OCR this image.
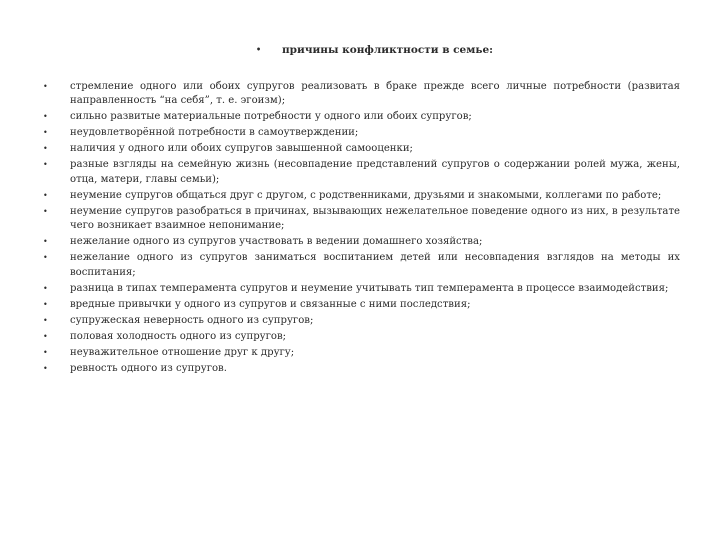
• причины конфликтности в семье:
• стремление одного или обоих супругов реализовать в браке прежде всего личные потребности (развитая направленность “на себя”, т. е. эгоизм);
• сильно развитые материальные потребности у одного или обоих супругов;
• неудовлетворённой потребности в самоутверждении;
• наличия у одного или обоих супругов завышенной самооценки;
• разные взгляды на семейную жизнь (несовпадение представлений супругов о содержании ролей мужа, жены, отца, матери, главы семьи);
• неумение супругов общаться друг с другом, с родственниками, друзьями и знакомыми, коллегами по работе;
• неумение супругов разобраться в причинах, вызывающих нежелательное поведение одного из них, в результате чего возникает взаимное непонимание;
• нежелание одного из супругов участвовать в ведении домашнего хозяйства;
• нежелание одного из супругов заниматься воспитанием детей или несовпадения взглядов на методы их воспитания;
• разница в типах темперамента супругов и неумение учитывать тип темперамента в процессе взаимодействия;
• вредные привычки у одного из супругов и связанные с ними последствия;
• супружеская неверность одного из супругов;
• половая холодность одного из супругов;
• неуважительное отношение друг к другу;
• ревность одного из супругов.
